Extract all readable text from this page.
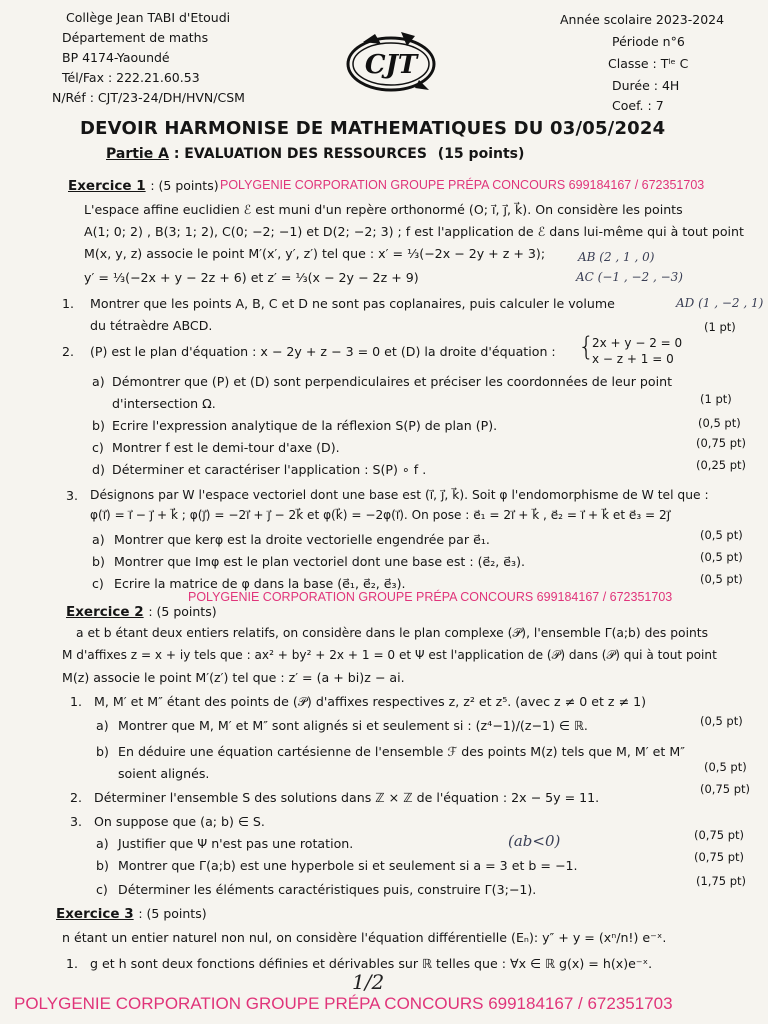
Collège Jean TABI d'Etoudi
Département de maths
BP 4174-Yaoundé
Tél/Fax : 222.21.60.53
N/Réf : CJT/23-24/DH/HVN/CSM
CJT
Année scolaire 2023-2024
Période n°6
Classe : Tˡᵉ C
Durée : 4H
Coef. : 7
DEVOIR HARMONISE DE MATHEMATIQUES DU 03/05/2024
Partie A : EVALUATION DES RESSOURCES (15 points)
Exercice 1 : (5 points) POLYGENIE CORPORATION GROUPE PRÉPA CONCOURS 699184167 / 672351703
L'espace affine euclidien ℰ est muni d'un repère orthonormé (O; i⃗, j⃗, k⃗). On considère les points
A(1; 0; 2) , B(3; 1; 2), C(0; −2; −1) et D(2; −2; 3) ; f est l'application de ℰ dans lui-même qui à tout point
M(x, y, z) associe le point M′(x′, y′, z′) tel que : x′ = ⅓(−2x − 2y + z + 3);
y′ = ⅓(−2x + y − 2z + 6) et z′ = ⅓(x − 2y − 2z + 9)
AB (2 , 1 , 0)
AC (−1 , −2 , −3)
AD (1 , −2 , 1)
1. Montrer que les points A, B, C et D ne sont pas coplanaires, puis calculer le volume
du tétraèdre ABCD.	(1 pt)
2. (P) est le plan d'équation : x − 2y + z − 3 = 0 et (D) la droite d'équation : {
2x + y − 2 = 0
x − z + 1 = 0
a) Démontrer que (P) et (D) sont perpendiculaires et préciser les coordonnées de leur point
d'intersection Ω.	(1 pt)
b) Ecrire l'expression analytique de la réflexion S(P) de plan (P).	(0,5 pt)
c) Montrer f est le demi-tour d'axe (D).	(0,75 pt)
d) Déterminer et caractériser l'application : S(P) ∘ f .	(0,25 pt)
3. Désignons par W l'espace vectoriel dont une base est (i⃗, j⃗, k⃗). Soit φ l'endomorphisme de W tel que :
φ(i⃗) = i⃗ − j⃗ + k⃗ ; φ(j⃗) = −2i⃗ + j⃗ − 2k⃗ et φ(k⃗) = −2φ(i⃗). On pose : e⃗₁ = 2i⃗ + k⃗ , e⃗₂ = i⃗ + k⃗ et e⃗₃ = 2j⃗
a) Montrer que kerφ est la droite vectorielle engendrée par e⃗₁.	(0,5 pt)
b) Montrer que Imφ est le plan vectoriel dont une base est : (e⃗₂, e⃗₃).	(0,5 pt)
c) Ecrire la matrice de φ dans la base (e⃗₁, e⃗₂, e⃗₃).	(0,5 pt)
POLYGENIE CORPORATION GROUPE PRÉPA CONCOURS 699184167 / 672351703
Exercice 2 : (5 points)
a et b étant deux entiers relatifs, on considère dans le plan complexe (𝒫), l'ensemble Γ(a;b) des points
M d'affixes z = x + iy tels que : ax² + by² + 2x + 1 = 0 et Ψ est l'application de (𝒫) dans (𝒫) qui à tout point
M(z) associe le point M′(z′) tel que : z′ = (a + bi)z − ai.
1. M, M′ et M″ étant des points de (𝒫) d'affixes respectives z, z² et z⁵. (avec z ≠ 0 et z ≠ 1)
a) Montrer que M, M′ et M″ sont alignés si et seulement si : (z⁴−1)/(z−1) ∈ ℝ.	(0,5 pt)
b) En déduire une équation cartésienne de l'ensemble ℱ des points M(z) tels que M, M′ et M″
soient alignés.	(0,5 pt)
2. Déterminer l'ensemble S des solutions dans ℤ × ℤ de l'équation : 2x − 5y = 11.
(0,75 pt)
3. On suppose que (a; b) ∈ S.
(ab<0)
a) Justifier que Ψ n'est pas une rotation.
(0,75 pt)
b) Montrer que Γ(a;b) est une hyperbole si et seulement si a = 3 et b = −1.
(0,75 pt)
c) Déterminer les éléments caractéristiques puis, construire Γ(3;−1).
(1,75 pt)
Exercice 3 : (5 points)
n étant un entier naturel non nul, on considère l'équation différentielle (Eₙ): y″ + y = (xⁿ/n!) e⁻ˣ.
1. g et h sont deux fonctions définies et dérivables sur ℝ telles que : ∀x ∈ ℝ g(x) = h(x)e⁻ˣ.
1/2
POLYGENIE CORPORATION GROUPE PRÉPA CONCOURS 699184167 / 672351703
